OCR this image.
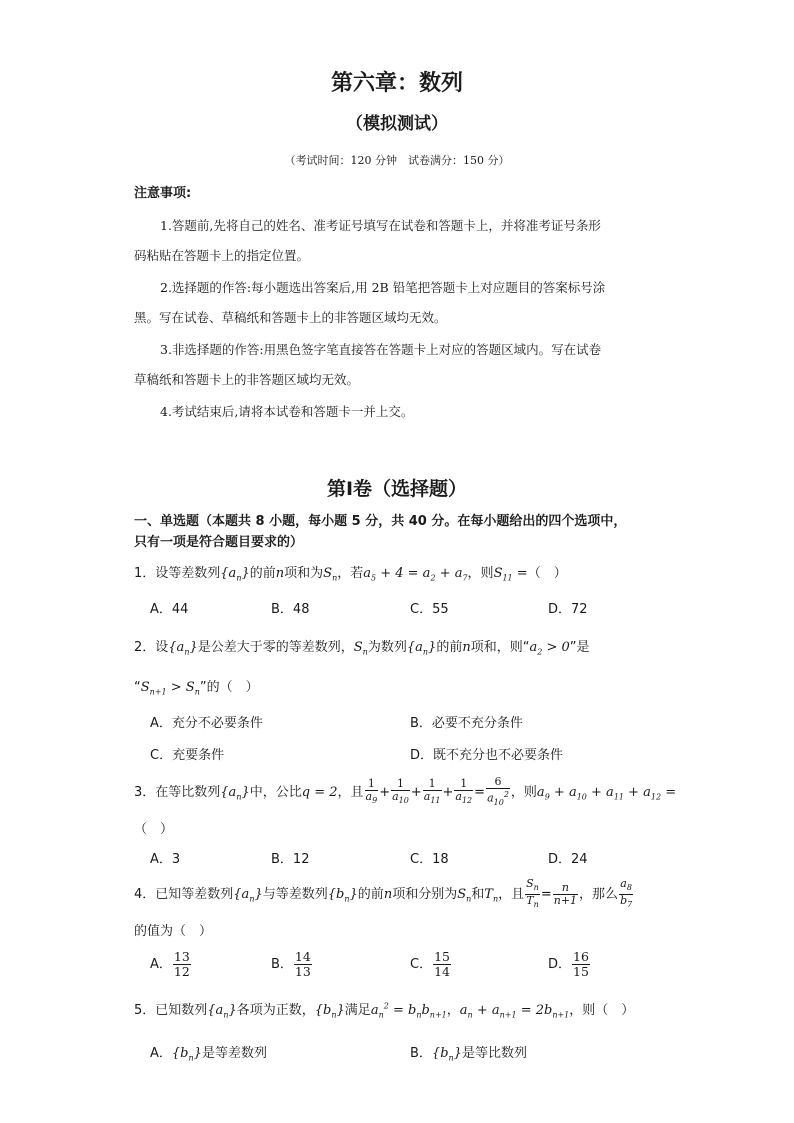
第六章：数列
（模拟测试）
（考试时间：120 分钟　试卷满分：150 分）
注意事项:
1.答题前,先将自己的姓名、准考证号填写在试卷和答题卡上，并将准考证号条形
码粘贴在答题卡上的指定位置。
2.选择题的作答:每小题选出答案后,用 2B 铅笔把答题卡上对应题目的答案标号涂
黑。写在试卷、草稿纸和答题卡上的非答题区域均无效。
3.非选择题的作答:用黑色签字笔直接答在答题卡上对应的答题区域内。写在试卷
草稿纸和答题卡上的非答题区域均无效。
4.考试结束后,请将本试卷和答题卡一并上交。
第Ⅰ卷（选择题）
一、单选题（本题共 8 小题，每小题 5 分，共 40 分。在每小题给出的四个选项中，
只有一项是符合题目要求的）
1．设等差数列$\{a_n\}$的前n项和为$S_n$，若$a_5 + 4 = a_2 + a_7$，则$S_{11}$ =（　）
A．44	B．48	C．55	D．72
2．设$\{a_n\}$是公差大于零的等差数列，$S_n$为数列$\{a_n\}$的前n项和，则“$a_2 > 0$”是
“$S_{n+1} > S_n$”的（　）
A．充分不必要条件	B．必要不充分条件
C．充要条件	D．既不充分也不必要条件
3．在等比数列$\{a_n\}$中，公比q = 2，且 $\frac{1}{a_9} + \frac{1}{a_{10}} + \frac{1}{a_{11}} + \frac{1}{a_{12}} = \frac{6}{a_{10}^2}$ ，则$a_9 + a_{10} + a_{11} + a_{12}$ =
（　）
A．3	B．12	C．18	D．24
4．已知等差数列$\{a_n\}$与等差数列$\{b_n\}$的前n项和分别为$S_n$和$T_n$，且 $\frac{S_n}{T_n} = \frac{n}{n+1}$ ，那么 $\frac{a_8}{b_7}$
的值为（　）
A． $\frac{13}{12}$	B． $\frac{14}{13}$	C． $\frac{15}{14}$	D． $\frac{16}{15}$
5．已知数列$\{a_n\}$各项为正数，$\{b_n\}$满足$a_n^2 = b_nb_{n+1}$，$a_n + a_{n+1} = 2b_{n+1}$，则（　）
A．$\{b_n\}$是等差数列	B．$\{b_n\}$是等比数列
